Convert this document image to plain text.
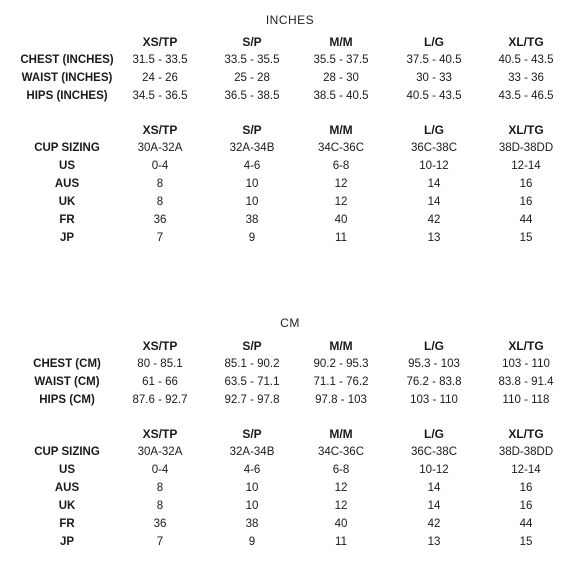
INCHES
XS/TP	S/P	M/M	L/G	XL/TG
CHEST (INCHES) 31.5 - 33.5	33.5 - 35.5	35.5 - 37.5	37.5 - 40.5	40.5 - 43.5
WAIST (INCHES)	24 - 26	25 - 28	28 - 30	30 - 33	33 - 36
HIPS (INCHES) 34.5 - 36.5	36.5 - 38.5	38.5 - 40.5	40.5 - 43.5	43.5 - 46.5
XS/TP	S/P	M/M	L/G	XL/TG
CUP SIZING	30A-32A	32A-34B	34C-36C	36C-38C	38D-38DD
US	0-4	4-6	6-8	10-12	12-14
AUS	8	10	12	14	16
UK	8	10	12	14	16
FR	36	38	40	42	44
JP	7	9	11	13	15
CM
XS/TP	S/P	M/M	L/G	XL/TG
CHEST (CM)	80 - 85.1	85.1 - 90.2	90.2 - 95.3	95.3 - 103	103 - 110
WAIST (CM)	61 - 66	63.5 - 71.1	71.1 - 76.2	76.2 - 83.8	83.8 - 91.4
HIPS (CM)	87.6 - 92.7	92.7 - 97.8	97.8 - 103	103 - 110	110 - 118
XS/TP	S/P	M/M	L/G	XL/TG
CUP SIZING	30A-32A	32A-34B	34C-36C	36C-38C	38D-38DD
US	0-4	4-6	6-8	10-12	12-14
AUS	8	10	12	14	16
UK	8	10	12	14	16
FR	36	38	40	42	44
JP	7	9	11	13	15
